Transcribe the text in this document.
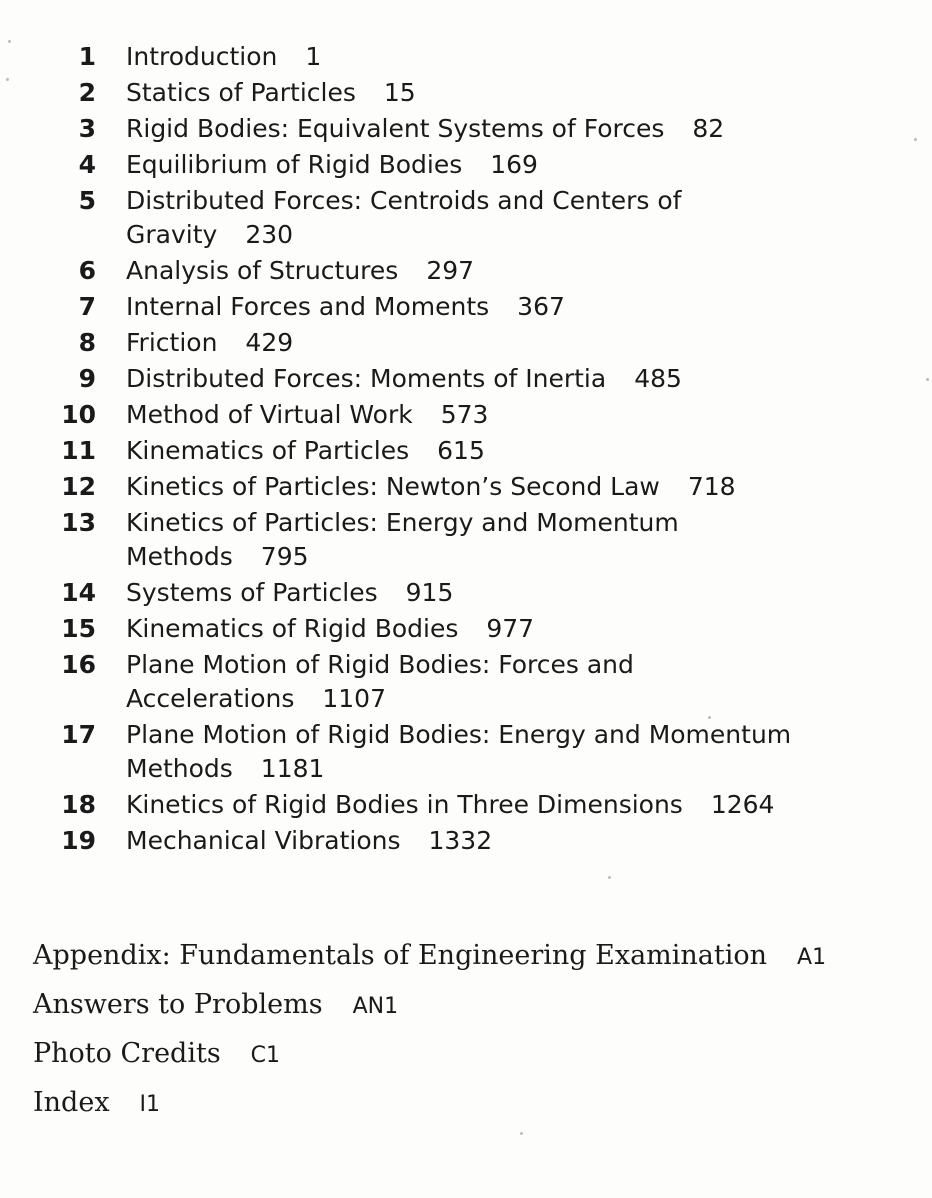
1	Introduction 1
2	Statics of Particles 15
3	Rigid Bodies: Equivalent Systems of Forces 82
4	Equilibrium of Rigid Bodies 169
5	Distributed Forces: Centroids and Centers of Gravity 230
6	Analysis of Structures 297
7	Internal Forces and Moments 367
8	Friction 429
9	Distributed Forces: Moments of Inertia 485
10	Method of Virtual Work 573
11	Kinematics of Particles 615
12	Kinetics of Particles: Newton’s Second Law 718
13	Kinetics of Particles: Energy and Momentum Methods 795
14	Systems of Particles 915
15	Kinematics of Rigid Bodies 977
16	Plane Motion of Rigid Bodies: Forces and Accelerations 1107
17	Plane Motion of Rigid Bodies: Energy and Momentum Methods 1181
18	Kinetics of Rigid Bodies in Three Dimensions 1264
19	Mechanical Vibrations 1332
Appendix: Fundamentals of Engineering Examination A1
Answers to Problems AN1
Photo Credits C1
Index I1
